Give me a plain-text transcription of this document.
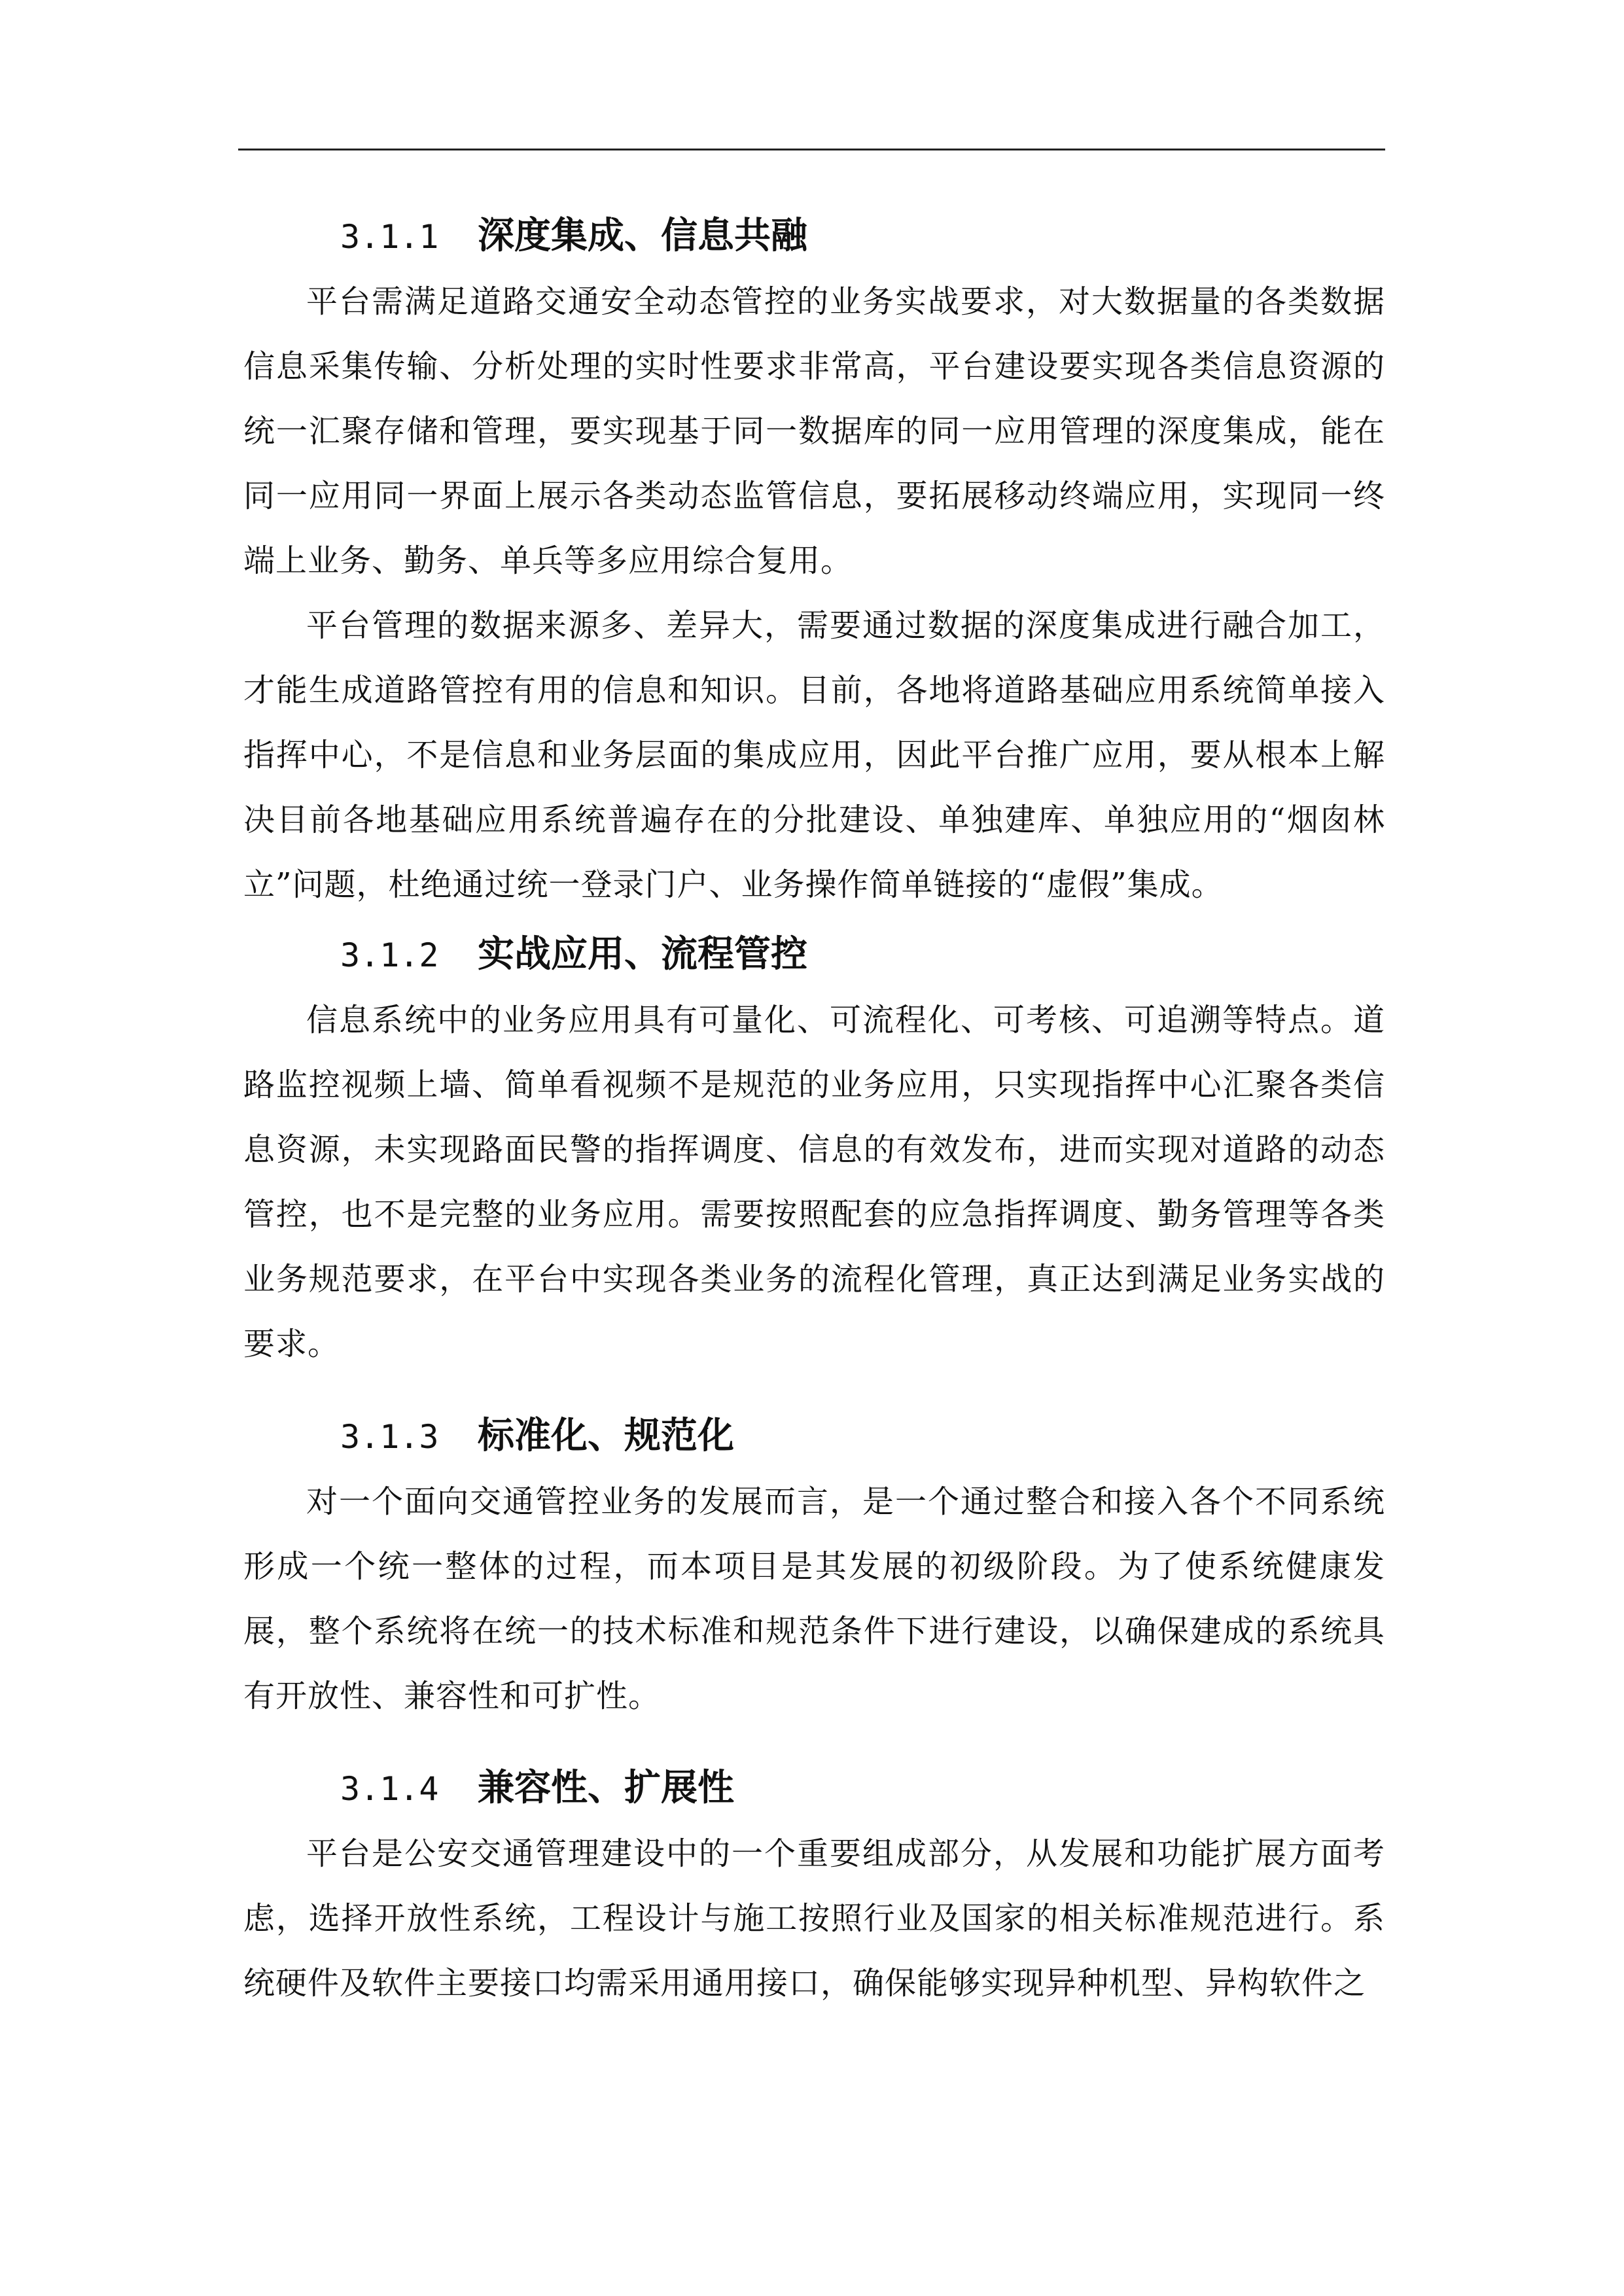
3.1.1 深度集成、信息共融

平台需满足道路交通安全动态管控的业务实战要求，对大数据量的各类数据信息采集传输、分析处理的实时性要求非常高，平台建设要实现各类信息资源的统一汇聚存储和管理，要实现基于同一数据库的同一应用管理的深度集成，能在同一应用同一界面上展示各类动态监管信息，要拓展移动终端应用，实现同一终端上业务、勤务、单兵等多应用综合复用。

平台管理的数据来源多、差异大，需要通过数据的深度集成进行融合加工，才能生成道路管控有用的信息和知识。目前，各地将道路基础应用系统简单接入指挥中心，不是信息和业务层面的集成应用，因此平台推广应用，要从根本上解决目前各地基础应用系统普遍存在的分批建设、单独建库、单独应用的“烟囱林立”问题，杜绝通过统一登录门户、业务操作简单链接的“虚假”集成。

3.1.2 实战应用、流程管控

信息系统中的业务应用具有可量化、可流程化、可考核、可追溯等特点。道路监控视频上墙、简单看视频不是规范的业务应用，只实现指挥中心汇聚各类信息资源，未实现路面民警的指挥调度、信息的有效发布，进而实现对道路的动态管控，也不是完整的业务应用。需要按照配套的应急指挥调度、勤务管理等各类业务规范要求，在平台中实现各类业务的流程化管理，真正达到满足业务实战的要求。

3.1.3 标准化、规范化

对一个面向交通管控业务的发展而言，是一个通过整合和接入各个不同系统形成一个统一整体的过程，而本项目是其发展的初级阶段。为了使系统健康发展，整个系统将在统一的技术标准和规范条件下进行建设，以确保建成的系统具有开放性、兼容性和可扩性。

3.1.4 兼容性、扩展性

平台是公安交通管理建设中的一个重要组成部分，从发展和功能扩展方面考虑，选择开放性系统，工程设计与施工按照行业及国家的相关标准规范进行。系统硬件及软件主要接口均需采用通用接口，确保能够实现异种机型、异构软件之
